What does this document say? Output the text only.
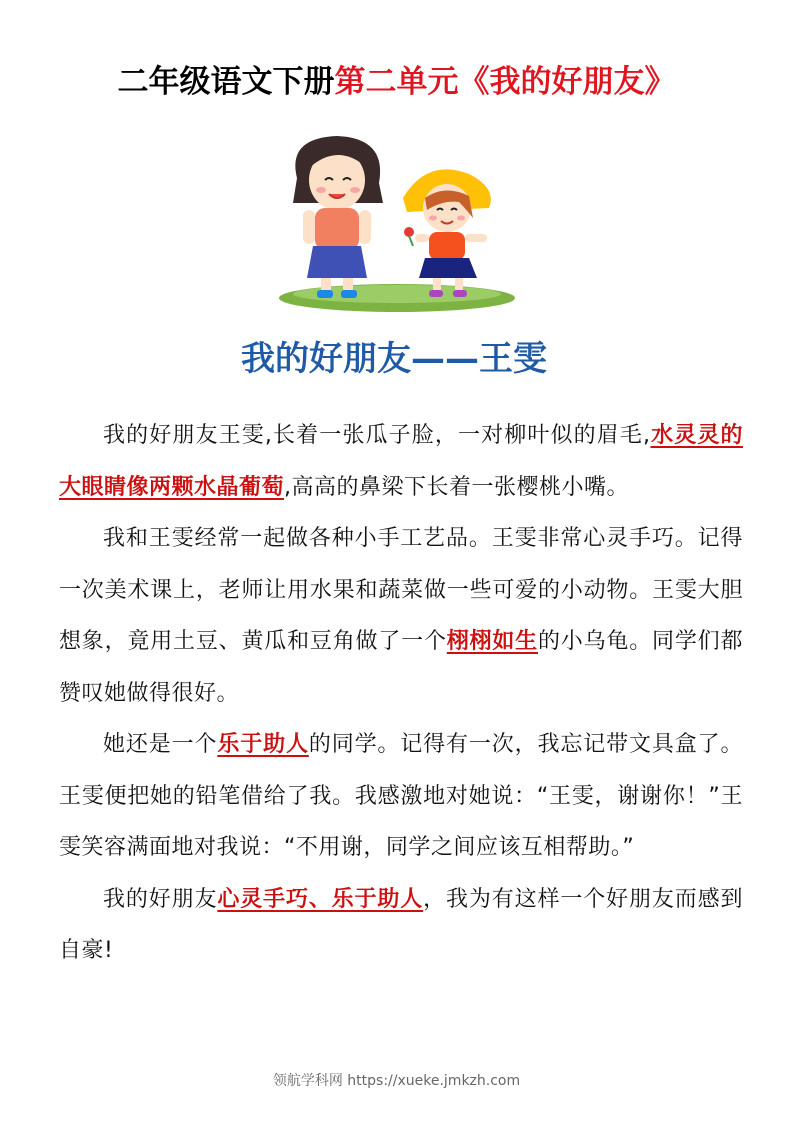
二年级语文下册第二单元《我的好朋友》
我的好朋友——王雯

我的好朋友王雯,长着一张瓜子脸，一对柳叶似的眉毛,水灵灵的大眼睛像两颗水晶葡萄,高高的鼻梁下长着一张樱桃小嘴。

我和王雯经常一起做各种小手工艺品。王雯非常心灵手巧。记得一次美术课上，老师让用水果和蔬菜做一些可爱的小动物。王雯大胆想象，竟用土豆、黄瓜和豆角做了一个栩栩如生的小乌龟。同学们都赞叹她做得很好。

她还是一个乐于助人的同学。记得有一次，我忘记带文具盒了。王雯便把她的铅笔借给了我。我感激地对她说：“王雯，谢谢你！”王雯笑容满面地对我说：“不用谢，同学之间应该互相帮助。”

我的好朋友心灵手巧、乐于助人，我为有这样一个好朋友而感到自豪!

领航学科网 https://xueke.jmkzh.com
